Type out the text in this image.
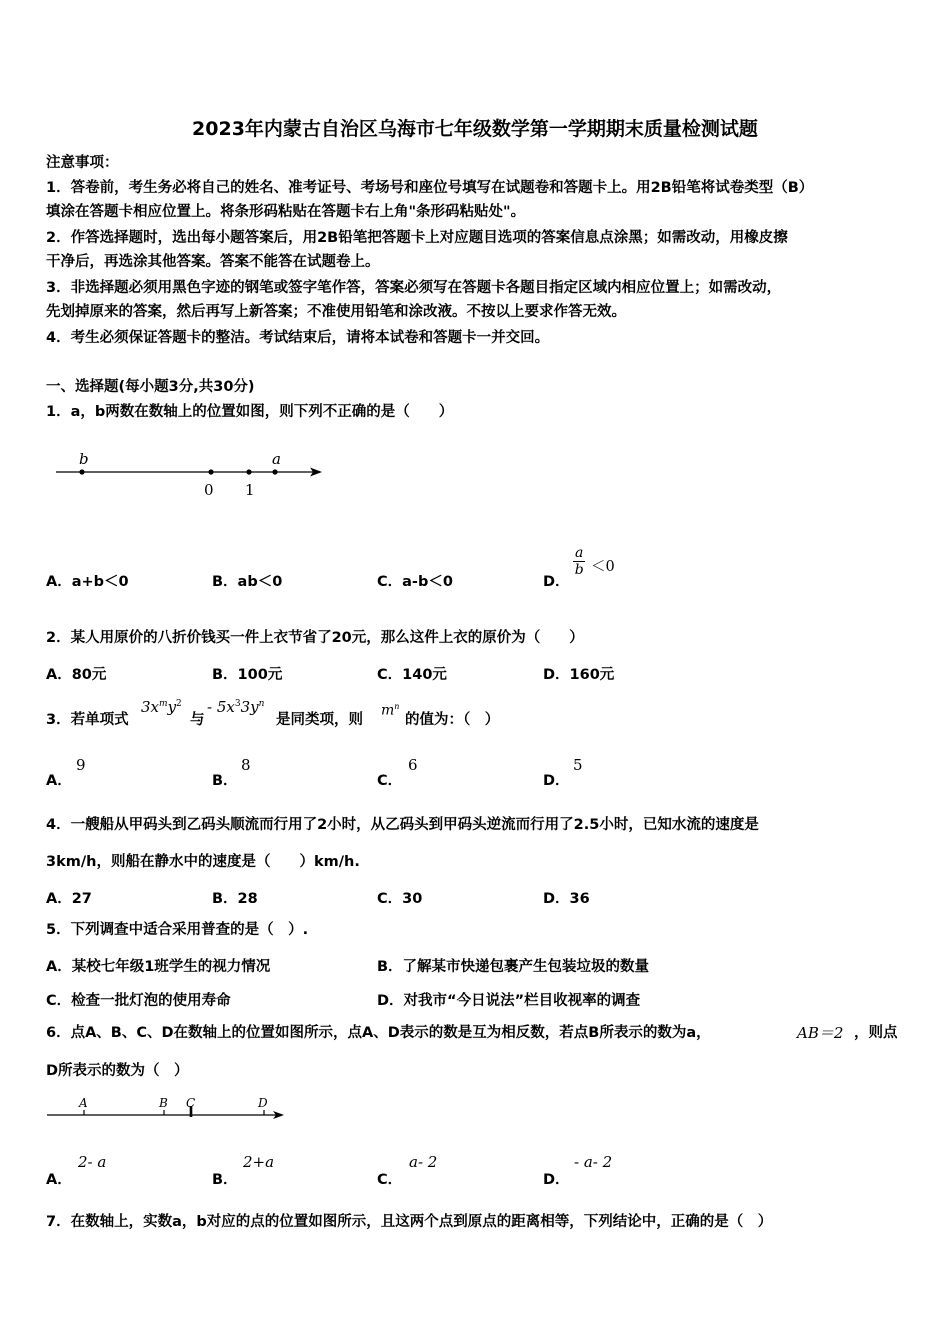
2023年内蒙古自治区乌海市七年级数学第一学期期末质量检测试题
注意事项：
1．答卷前，考生务必将自己的姓名、准考证号、考场号和座位号填写在试题卷和答题卡上。用2B铅笔将试卷类型（B）
填涂在答题卡相应位置上。将条形码粘贴在答题卡右上角"条形码粘贴处"。
2．作答选择题时，选出每小题答案后，用2B铅笔把答题卡上对应题目选项的答案信息点涂黑；如需改动，用橡皮擦
干净后，再选涂其他答案。答案不能答在试题卷上。
3．非选择题必须用黑色字迹的钢笔或签字笔作答，答案必须写在答题卡各题目指定区域内相应位置上；如需改动，
先划掉原来的答案，然后再写上新答案；不准使用铅笔和涂改液。不按以上要求作答无效。
4．考生必须保证答题卡的整洁。考试结束后，请将本试卷和答题卡一并交回。
一、选择题(每小题3分,共30分)
1．a，b两数在数轴上的位置如图，则下列不正确的是（　　）
b
0 1
a
A．a+b＜0	B．ab＜0	C．a-b＜0	D．
$\frac{a}{b} <0$
2．某人用原价的八折价钱买一件上衣节省了20元，那么这件上衣的原价为（　　）
A．80元	B．100元	C．140元	D．160元
3．若单项式
$3x^my^2$
与
- $5x^33y^n$
是同类项，则
$m^n$
的值为：（　）
A．
9
B．
8
C．
6
D．
5
4．一艘船从甲码头到乙码头顺流而行用了2小时，从乙码头到甲码头逆流而行用了2.5小时，已知水流的速度是
3km/h，则船在静水中的速度是（　　）km/h.
A．27	B．28	C．30	D．36
5．下列调查中适合采用普查的是（　）.
A．某校七年级1班学生的视力情况	B．了解某市快递包裹产生包装垃圾的数量
C．检查一批灯泡的使用寿命	D．对我市“今日说法”栏目收视率的调查
6．点A、B、C、D在数轴上的位置如图所示，点A、D表示的数是互为相反数，若点B所表示的数为a，	AB＝2 ，则点
D所表示的数为（　）
A	B C	D
A．
2- a
B．
2+a
C．
a- 2
D．
- a- 2
7．在数轴上，实数a，b对应的点的位置如图所示，且这两个点到原点的距离相等，下列结论中，正确的是（　）
